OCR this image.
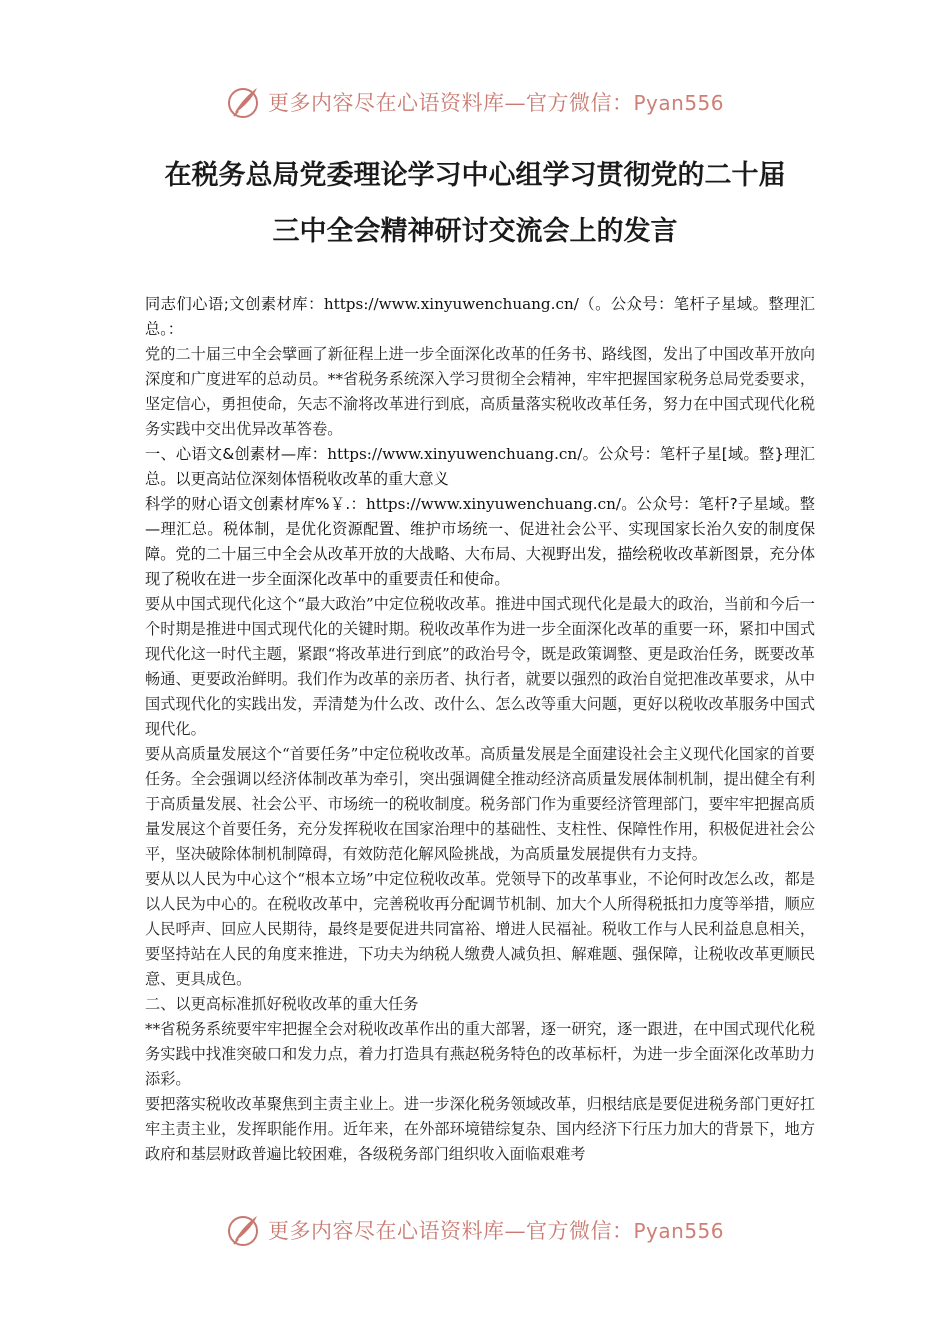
更多内容尽在心语资料库—官方微信：Pyan556
在税务总局党委理论学习中心组学习贯彻党的二十届
三中全会精神研讨交流会上的发言

同志们心语;文创素材库：https://www.xinyuwenchuang.cn/（。公众号：笔杆子星域。整理汇总。：

党的二十届三中全会擘画了新征程上进一步全面深化改革的任务书、路线图，发出了中国改革开放向深度和广度进军的总动员。**省税务系统深入学习贯彻全会精神，牢牢把握国家税务总局党委要求，坚定信心，勇担使命，矢志不渝将改革进行到底，高质量落实税收改革任务，努力在中国式现代化税务实践中交出优异改革答卷。

一、心语文&创素材—库：https://www.xinyuwenchuang.cn/。公众号：笔杆子星[域。整}理汇总。以更高站位深刻体悟税收改革的重大意义

科学的财心语文创素材库%￥.：https://www.xinyuwenchuang.cn/。公众号：笔杆?子星域。整—理汇总。税体制，是优化资源配置、维护市场统一、促进社会公平、实现国家长治久安的制度保障。党的二十届三中全会从改革开放的大战略、大布局、大视野出发，描绘税收改革新图景，充分体现了税收在进一步全面深化改革中的重要责任和使命。

要从中国式现代化这个“最大政治”中定位税收改革。推进中国式现代化是最大的政治，当前和今后一个时期是推进中国式现代化的关键时期。税收改革作为进一步全面深化改革的重要一环，紧扣中国式现代化这一时代主题，紧跟“将改革进行到底”的政治号令，既是政策调整、更是政治任务，既要改革畅通、更要政治鲜明。我们作为改革的亲历者、执行者，就要以强烈的政治自觉把准改革要求，从中国式现代化的实践出发，弄清楚为什么改、改什么、怎么改等重大问题，更好以税收改革服务中国式现代化。

要从高质量发展这个“首要任务”中定位税收改革。高质量发展是全面建设社会主义现代化国家的首要任务。全会强调以经济体制改革为牵引，突出强调健全推动经济高质量发展体制机制，提出健全有利于高质量发展、社会公平、市场统一的税收制度。税务部门作为重要经济管理部门，要牢牢把握高质量发展这个首要任务，充分发挥税收在国家治理中的基础性、支柱性、保障性作用，积极促进社会公平，坚决破除体制机制障碍，有效防范化解风险挑战，为高质量发展提供有力支持。

要从以人民为中心这个“根本立场”中定位税收改革。党领导下的改革事业，不论何时改怎么改，都是以人民为中心的。在税收改革中，完善税收再分配调节机制、加大个人所得税抵扣力度等举措，顺应人民呼声、回应人民期待，最终是要促进共同富裕、增进人民福祉。税收工作与人民利益息息相关，要坚持站在人民的角度来推进，下功夫为纳税人缴费人减负担、解难题、强保障，让税收改革更顺民意、更具成色。

二、以更高标准抓好税收改革的重大任务

**省税务系统要牢牢把握全会对税收改革作出的重大部署，逐一研究，逐一跟进，在中国式现代化税务实践中找准突破口和发力点，着力打造具有燕赵税务特色的改革标杆，为进一步全面深化改革助力添彩。

要把落实税收改革聚焦到主责主业上。进一步深化税务领域改革，归根结底是要促进税务部门更好扛牢主责主业，发挥职能作用。近年来，在外部环境错综复杂、国内经济下行压力加大的背景下，地方政府和基层财政普遍比较困难，各级税务部门组织收入面临艰难考

更多内容尽在心语资料库—官方微信：Pyan556
